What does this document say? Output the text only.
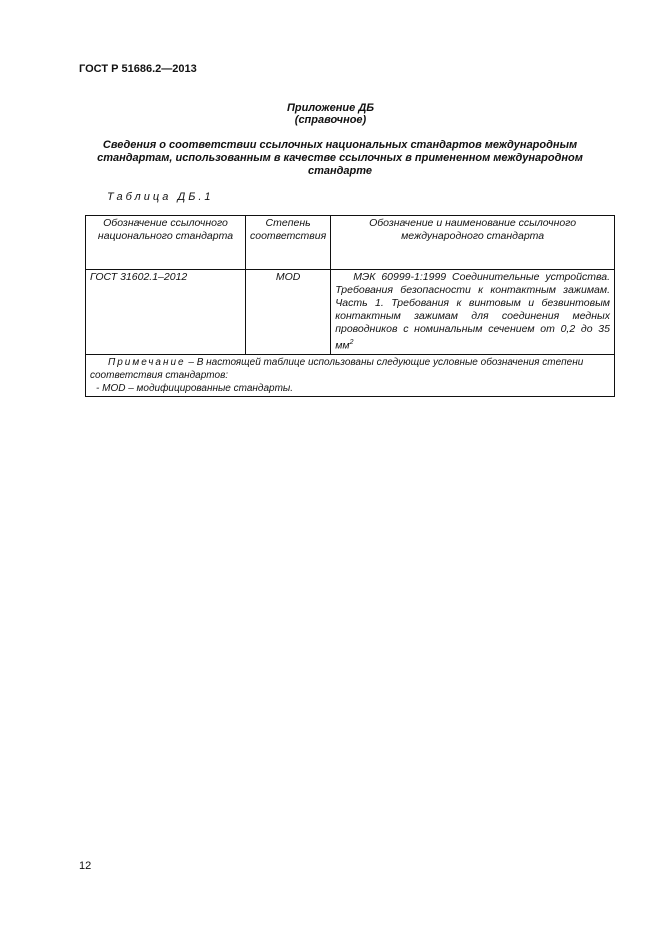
ГОСТ Р 51686.2—2013
Приложение ДБ
(справочное)
Сведения о соответствии ссылочных национальных стандартов международным стандартам, использованным в качестве ссылочных в примененном международном стандарте
Таблица ДБ.1
Обозначение ссылочного национального стандарта	Степень соответствия	Обозначение и наименование ссылочного международного стандарта
ГОСТ 31602.1–2012	MOD	МЭК 60999-1:1999 Соединительные устройства. Требования безопасности к контактным зажимам. Часть 1. Требования к винтовым и безвинтовым контактным зажимам для соединения медных проводников с номинальным сечением от 0,2 до 35 $мм^2$
Примечание – В настоящей таблице использованы следующие условные обозначения степени соответствия стандартов:
- MOD – модифицированные стандарты.		
12
